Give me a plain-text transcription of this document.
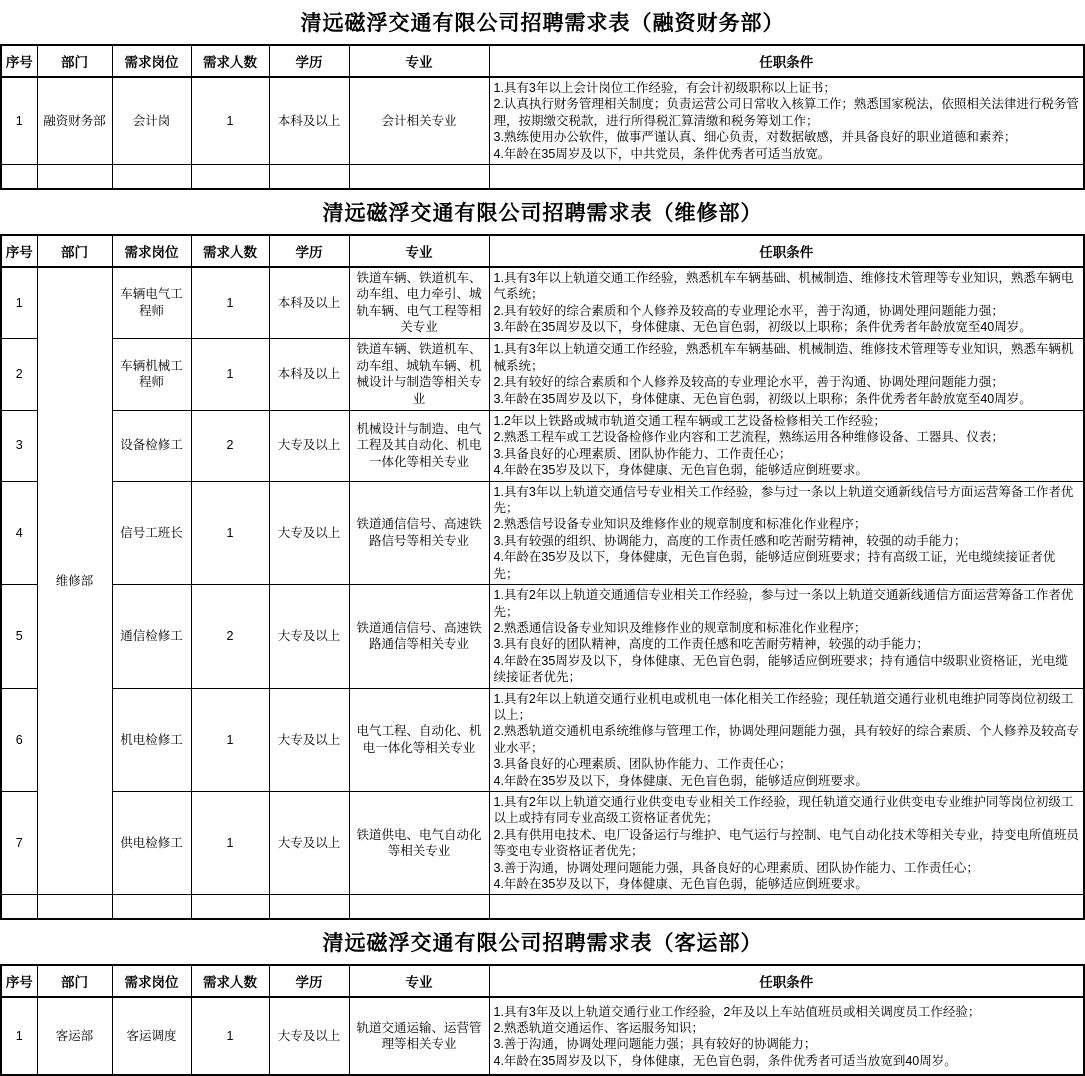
清远磁浮交通有限公司招聘需求表（融资财务部）
序号	部门	需求岗位	需求人数	学历	专业	任职条件
1	融资财务部	会计岗	1	本科及以上	会计相关专业	1.具有3年以上会计岗位工作经验，有会计初级职称以上证书；
2.认真执行财务管理相关制度；负责运营公司日常收入核算工作；熟悉国家税法，依照相关法律进行税务管理，按期缴交税款，进行所得税汇算清缴和税务筹划工作；
3.熟练使用办公软件，做事严谨认真、细心负责，对数据敏感，并具备良好的职业道德和素养；
4.年龄在35周岁及以下，中共党员，条件优秀者可适当放宽。

清远磁浮交通有限公司招聘需求表（维修部）
序号	部门	需求岗位	需求人数	学历	专业	任职条件
1	维修部	车辆电气工程师	1	本科及以上	铁道车辆、铁道机车、动车组、电力牵引、城轨车辆、电气工程等相关专业	1.具有3年以上轨道交通工作经验，熟悉机车车辆基础、机械制造、维修技术管理等专业知识，熟悉车辆电气系统；
2.具有较好的综合素质和个人修养及较高的专业理论水平，善于沟通，协调处理问题能力强；
3.年龄在35周岁及以下，身体健康、无色盲色弱，初级以上职称；条件优秀者年龄放宽至40周岁。

2		车辆机械工程师	1	本科及以上	铁道车辆、铁道机车、动车组、城轨车辆、机械设计与制造等相关专业	1.具有3年以上轨道交通工作经验，熟悉机车车辆基础、机械制造、维修技术管理等专业知识，熟悉车辆机械系统；
2.具有较好的综合素质和个人修养及较高的专业理论水平，善于沟通、协调处理问题能力强；
3.年龄在35周岁及以下，身体健康、无色盲色弱，初级以上职称；条件优秀者年龄放宽至40周岁。

3		设备检修工	2	大专及以上	机械设计与制造、电气工程及其自动化、机电一体化等相关专业	1.2年以上铁路或城市轨道交通工程车辆或工艺设备检修相关工作经验；
2.熟悉工程车或工艺设备检修作业内容和工艺流程，熟练运用各种维修设备、工器具、仪表；
3.具备良好的心理素质、团队协作能力、工作责任心；
4.年龄在35岁及以下，身体健康、无色盲色弱，能够适应倒班要求。

4		信号工班长	1	大专及以上	铁道通信信号、高速铁路信号等相关专业	1.具有3年以上轨道交通信号专业相关工作经验，参与过一条以上轨道交通新线信号方面运营筹备工作者优先；
2.熟悉信号设备专业知识及维修作业的规章制度和标准化作业程序；
3.具有较强的组织、协调能力，高度的工作责任感和吃苦耐劳精神，较强的动手能力；
4.年龄在35岁及以下，身体健康，无色盲色弱，能够适应倒班要求；持有高级工证，光电缆续接证者优先；

5		通信检修工	2	大专及以上	铁道通信信号、高速铁路通信等相关专业	1.具有2年以上轨道交通通信专业相关工作经验，参与过一条以上轨道交通新线通信方面运营筹备工作者优先；
2.熟悉通信设备专业知识及维修作业的规章制度和标准化作业程序；
3.具有良好的团队精神，高度的工作责任感和吃苦耐劳精神，较强的动手能力；
4.年龄在35周岁及以下，身体健康、无色盲色弱，能够适应倒班要求；持有通信中级职业资格证，光电缆续接证者优先；

6		机电检修工	1	大专及以上	电气工程、自动化、机电一体化等相关专业	1.具有2年以上轨道交通行业机电或机电一体化相关工作经验；现任轨道交通行业机电维护同等岗位初级工以上；
2.熟悉轨道交通机电系统维修与管理工作，协调处理问题能力强，具有较好的综合素质、个人修养及较高专业水平；
3.具备良好的心理素质、团队协作能力、工作责任心；
4.年龄在35岁及以下，身体健康、无色盲色弱，能够适应倒班要求。

7		供电检修工	1	大专及以上	铁道供电、电气自动化等相关专业	1.具有2年以上轨道交通行业供变电专业相关工作经验，现任轨道交通行业供变电专业维护同等岗位初级工以上或持有同专业高级工资格证者优先；
2.具有供用电技术、电厂设备运行与维护、电气运行与控制、电气自动化技术等相关专业，持变电所值班员等变电专业资格证者优先；
3.善于沟通，协调处理问题能力强，具备良好的心理素质、团队协作能力、工作责任心；
4.年龄在35岁及以下，身体健康、无色盲色弱，能够适应倒班要求。

清远磁浮交通有限公司招聘需求表（客运部）
序号	部门	需求岗位	需求人数	学历	专业	任职条件
1	客运部	客运调度	1	大专及以上	轨道交通运输、运营管理等相关专业	1.具有3年及以上轨道交通行业工作经验，2年及以上车站值班员或相关调度员工作经验；
2.熟悉轨道交通运作、客运服务知识；
3.善于沟通，协调处理问题能力强；具有较好的协调能力；
4.年龄在35周岁及以下，身体健康，无色盲色弱，条件优秀者可适当放宽到40周岁。
